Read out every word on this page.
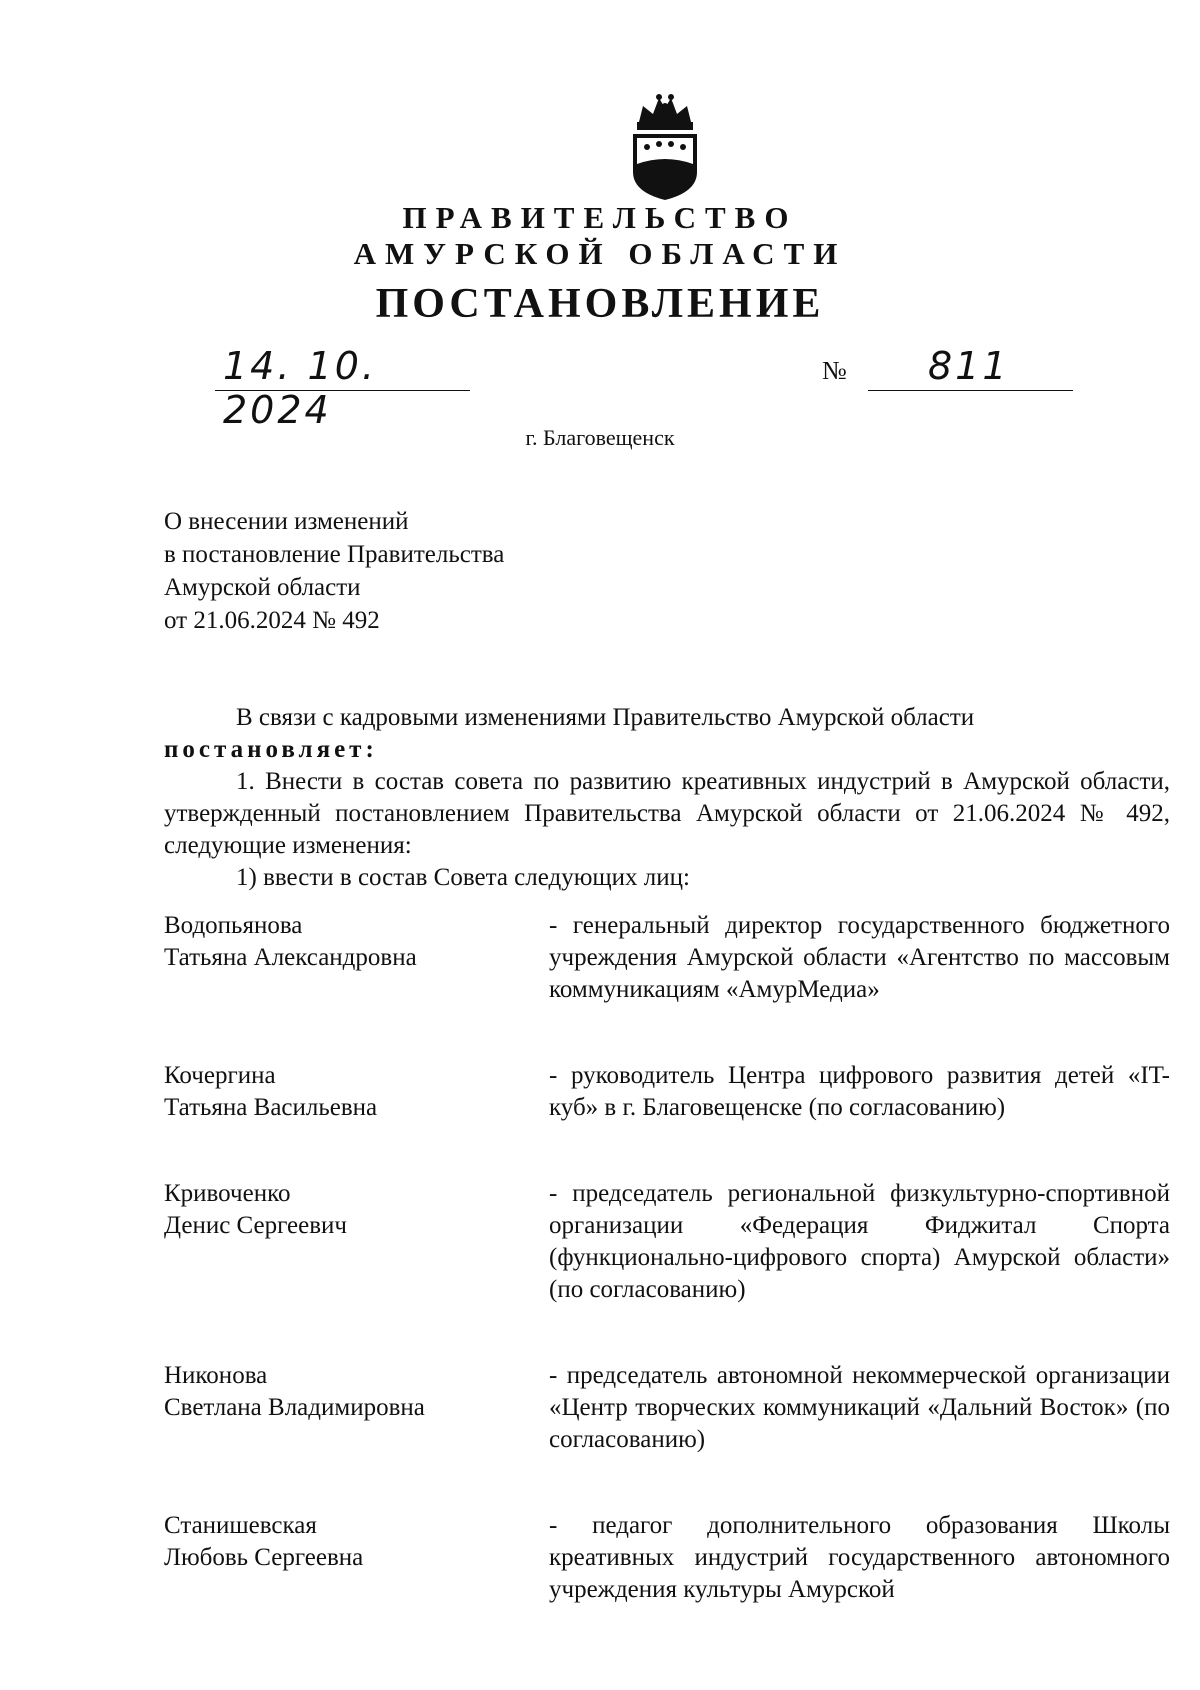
ПРАВИТЕЛЬСТВО
АМУРСКОЙ ОБЛАСТИ
ПОСТАНОВЛЕНИЕ
14. 10. 2024
№ 811
г. Благовещенск
О внесении изменений
в постановление Правительства
Амурской области
от 21.06.2024 № 492
В связи с кадровыми изменениями Правительство Амурской области
постановляет:
1. Внести в состав совета по развитию креативных индустрий в Амурской области, утвержденный постановлением Правительства Амурской области от 21.06.2024 № 492, следующие изменения:
1) ввести в состав Совета следующих лиц:
Водопьянова
Татьяна Александровна
- генеральный директор государственного бюджетного учреждения Амурской области «Агентство по массовым коммуникациям «АмурМедиа»
Кочергина
Татьяна Васильевна
- руководитель Центра цифрового развития детей «IT-куб» в г. Благовещенске (по согласованию)
Кривоченко
Денис Сергеевич
- председатель региональной физкультурно-спортивной организации «Федерация Фиджитал Спорта (функционально-цифрового спорта) Амурской области» (по согласованию)
Никонова
Светлана Владимировна
- председатель автономной некоммерческой организации «Центр творческих коммуникаций «Дальний Восток» (по согласованию)
Станишевская
Любовь Сергеевна
- педагог дополнительного образования Школы креативных индустрий государственного автономного учреждения культуры Амурской
